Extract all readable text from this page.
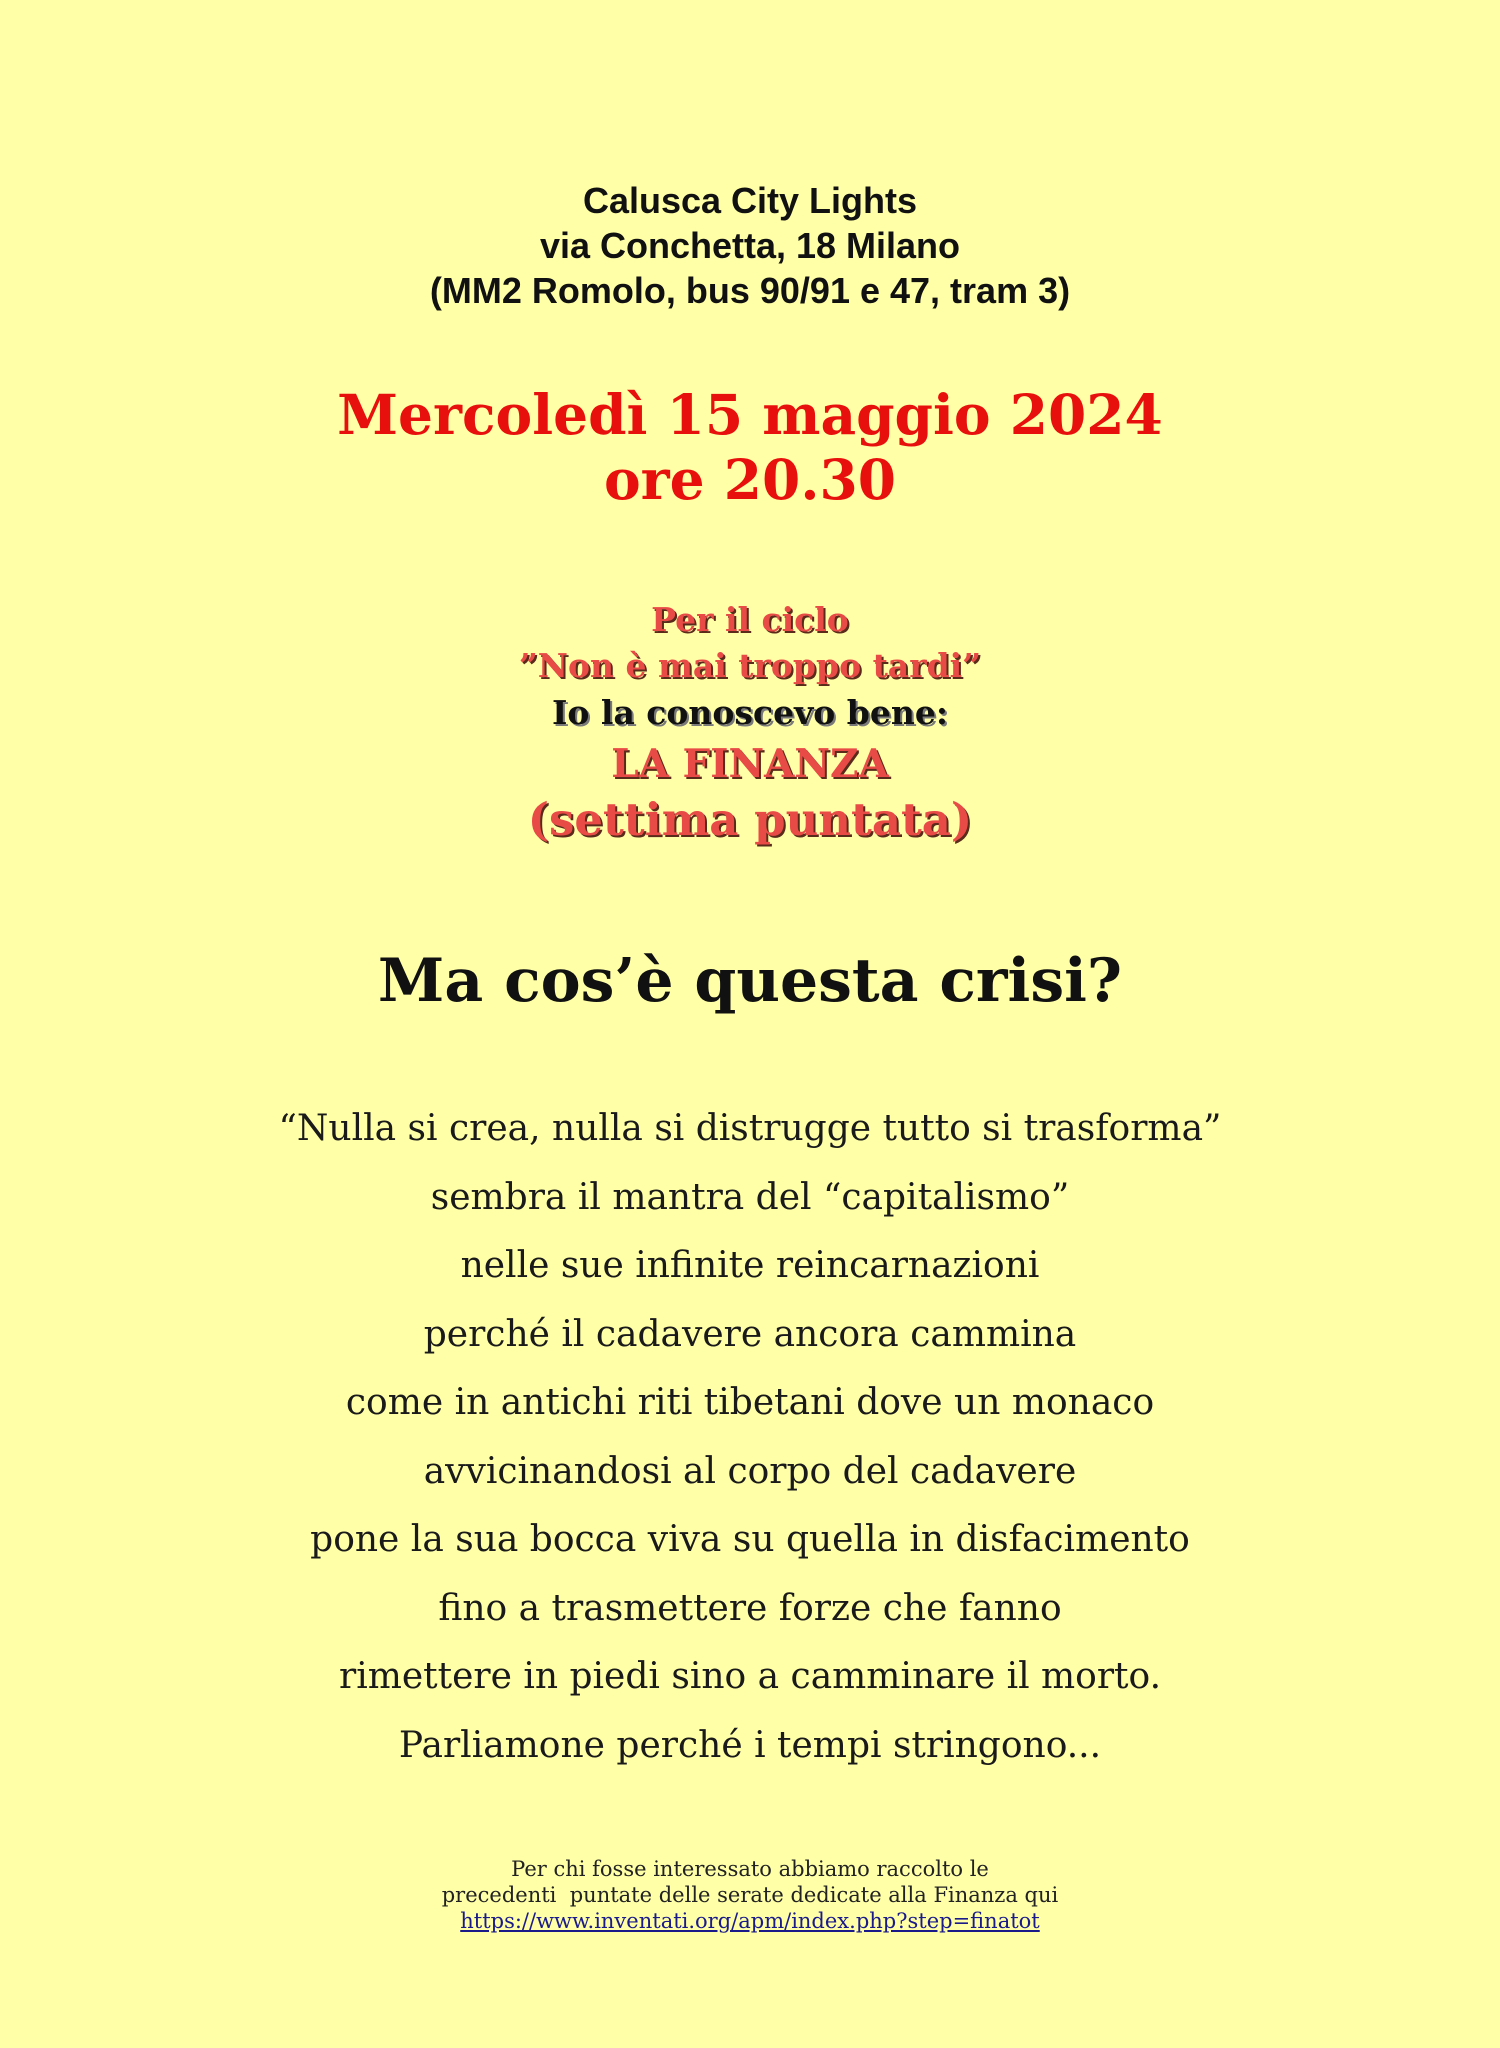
Calusca City Lights
via Conchetta, 18 Milano
(MM2 Romolo, bus 90/91 e 47, tram 3)
Mercoledì 15 maggio 2024
ore 20.30
Per il ciclo
”Non è mai troppo tardi”
Io la conoscevo bene:
LA FINANZA
(settima puntata)
Ma cos’è questa crisi?
“Nulla si crea, nulla si distrugge tutto si trasforma”
sembra il mantra del “capitalismo”
nelle sue infinite reincarnazioni
perché il cadavere ancora cammina
come in antichi riti tibetani dove un monaco
avvicinandosi al corpo del cadavere
pone la sua bocca viva su quella in disfacimento
fino a trasmettere forze che fanno
rimettere in piedi sino a camminare il morto.
Parliamone perché i tempi stringono...
Per chi fosse interessato abbiamo raccolto le
precedenti  puntate delle serate dedicate alla Finanza qui
https://www.inventati.org/apm/index.php?step=finatot
